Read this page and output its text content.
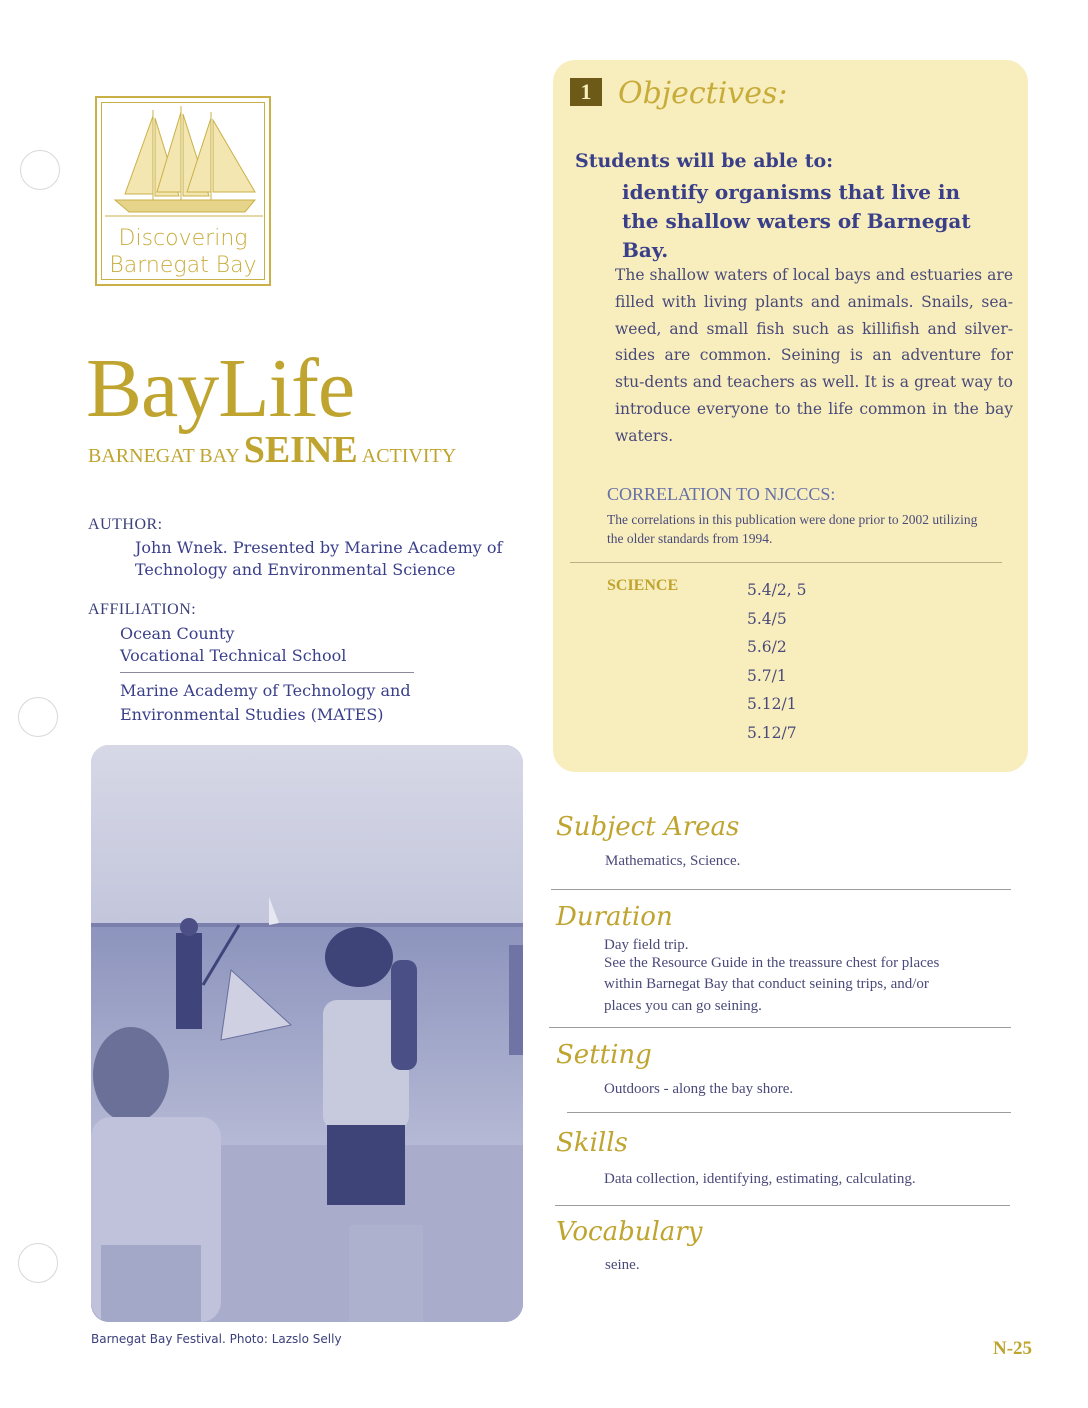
Discovering
Barnegat Bay
BayLife
BARNEGAT BAY SEINE ACTIVITY
AUTHOR:
John Wnek. Presented by Marine Academy of
Technology and Environmental Science
AFFILIATION:
Ocean County
Vocational Technical School
Marine Academy of Technology and
Environmental Studies (MATES)
Barnegat Bay Festival. Photo: Lazslo Selly
1 Objectives:
Students will be able to:
identify organisms that live in the shallow waters of Barnegat Bay.
The shallow waters of local bays and estuaries are filled with living plants and animals. Snails, sea-weed, and small fish such as killifish and silver-sides are common. Seining is an adventure for stu-dents and teachers as well. It is a great way to introduce everyone to the life common in the bay waters.
CORRELATION TO NJCCCS:
The correlations in this publication were done prior to 2002 utilizing the older standards from 1994.
SCIENCE	5.4/2, 5
5.4/5
5.6/2
5.7/1
5.12/1
5.12/7
Subject Areas
Mathematics, Science.
Duration
Day field trip.
See the Resource Guide in the treassure chest for places
within Barnegat Bay that conduct seining trips, and/or
places you can go seining.
Setting
Outdoors - along the bay shore.
Skills
Data collection, identifying, estimating, calculating.
Vocabulary
seine.
N-25
